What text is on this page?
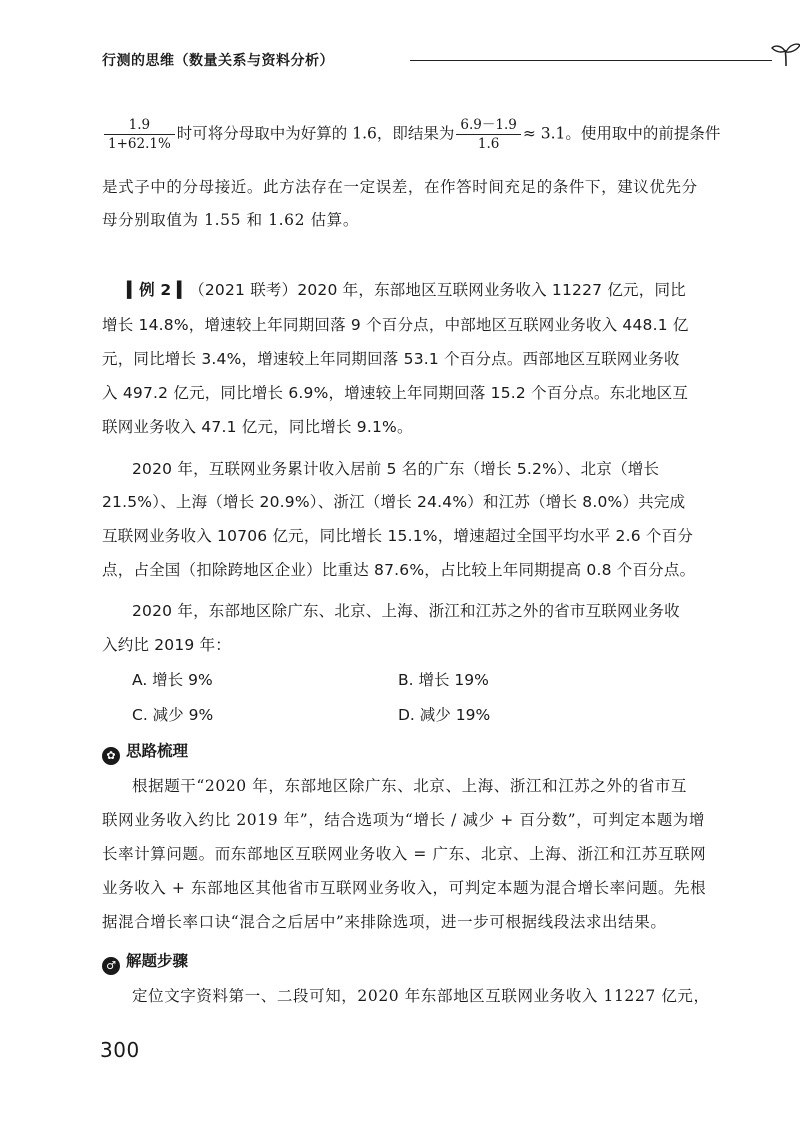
行测的思维（数量关系与资料分析）
$\frac{1.9}{1+62.1\%}$ 时可将分母取中为好算的 1.6，即结果为 $\frac{6.9-1.9}{1.6} \approx 3.1$。使用取中的前提条件
是式子中的分母接近。此方法存在一定误差，在作答时间充足的条件下，建议优先分
母分别取值为 1.55 和 1.62 估算。
▍例 2 ▍（2021 联考）2020 年，东部地区互联网业务收入 11227 亿元，同比
增长 14.8%，增速较上年同期回落 9 个百分点，中部地区互联网业务收入 448.1 亿
元，同比增长 3.4%，增速较上年同期回落 53.1 个百分点。西部地区互联网业务收
入 497.2 亿元，同比增长 6.9%，增速较上年同期回落 15.2 个百分点。东北地区互
联网业务收入 47.1 亿元，同比增长 9.1%。
2020 年，互联网业务累计收入居前 5 名的广东（增长 5.2%）、北京（增长
21.5%）、上海（增长 20.9%）、浙江（增长 24.4%）和江苏（增长 8.0%）共完成
互联网业务收入 10706 亿元，同比增长 15.1%，增速超过全国平均水平 2.6 个百分
点，占全国（扣除跨地区企业）比重达 87.6%，占比较上年同期提高 0.8 个百分点。
2020 年，东部地区除广东、北京、上海、浙江和江苏之外的省市互联网业务收
入约比 2019 年：
A. 增长 9%	B. 增长 19%
C. 减少 9%	D. 减少 19%
✿ 思路梳理
根据题干“2020 年，东部地区除广东、北京、上海、浙江和江苏之外的省市互
联网业务收入约比 2019 年”，结合选项为“增长 / 减少 + 百分数”，可判定本题为增
长率计算问题。而东部地区互联网业务收入 = 广东、北京、上海、浙江和江苏互联网
业务收入 + 东部地区其他省市互联网业务收入，可判定本题为混合增长率问题。先根
据混合增长率口诀“混合之后居中”来排除选项，进一步可根据线段法求出结果。
♂ 解题步骤
定位文字资料第一、二段可知，2020 年东部地区互联网业务收入 11227 亿元，
300
